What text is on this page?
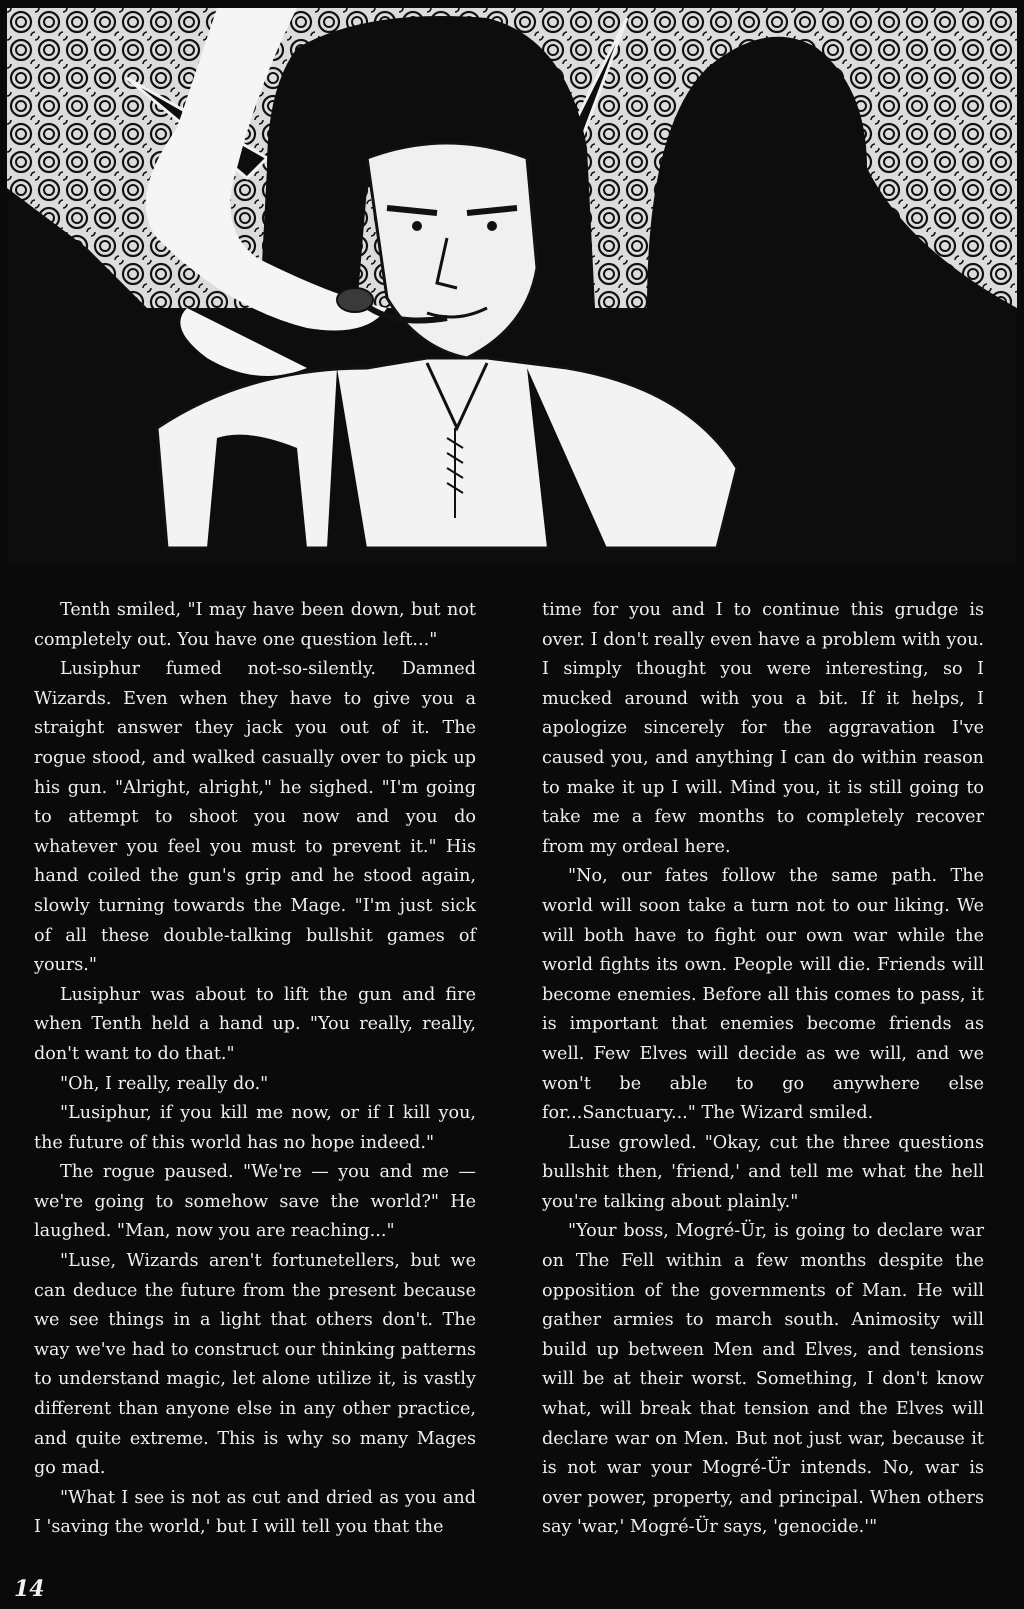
Tenth smiled, "I may have been down, but not completely out. You have one question left..."

Lusiphur fumed not-so-silently. Damned Wizards. Even when they have to give you a straight answer they jack you out of it. The rogue stood, and walked casually over to pick up his gun. "Alright, alright," he sighed. "I'm going to attempt to shoot you now and you do whatever you feel you must to prevent it." His hand coiled the gun's grip and he stood again, slowly turning towards the Mage. "I'm just sick of all these double-talking bullshit games of yours."

Lusiphur was about to lift the gun and fire when Tenth held a hand up. "You really, really, don't want to do that."

"Oh, I really, really do."

"Lusiphur, if you kill me now, or if I kill you, the future of this world has no hope indeed."

The rogue paused. "We're — you and me — we're going to somehow save the world?" He laughed. "Man, now you are reaching..."

"Luse, Wizards aren't fortunetellers, but we can deduce the future from the present because we see things in a light that others don't. The way we've had to construct our thinking patterns to understand magic, let alone utilize it, is vastly different than anyone else in any other practice, and quite extreme. This is why so many Mages go mad.

"What I see is not as cut and dried as you and I 'saving the world,' but I will tell you that the

time for you and I to continue this grudge is over. I don't really even have a problem with you. I simply thought you were interesting, so I mucked around with you a bit. If it helps, I apologize sincerely for the aggravation I've caused you, and anything I can do within reason to make it up I will. Mind you, it is still going to take me a few months to completely recover from my ordeal here.

"No, our fates follow the same path. The world will soon take a turn not to our liking. We will both have to fight our own war while the world fights its own. People will die. Friends will become enemies. Before all this comes to pass, it is important that enemies become friends as well. Few Elves will decide as we will, and we won't be able to go anywhere else for...Sanctuary..." The Wizard smiled.

Luse growled. "Okay, cut the three questions bullshit then, 'friend,' and tell me what the hell you're talking about plainly."

"Your boss, Mogré-Ür, is going to declare war on The Fell within a few months despite the opposition of the governments of Man. He will gather armies to march south. Animosity will build up between Men and Elves, and tensions will be at their worst. Something, I don't know what, will break that tension and the Elves will declare war on Men. But not just war, because it is not war your Mogré-Ür intends. No, war is over power, property, and principal. When others say 'war,' Mogré-Ür says, 'genocide.'"

14
